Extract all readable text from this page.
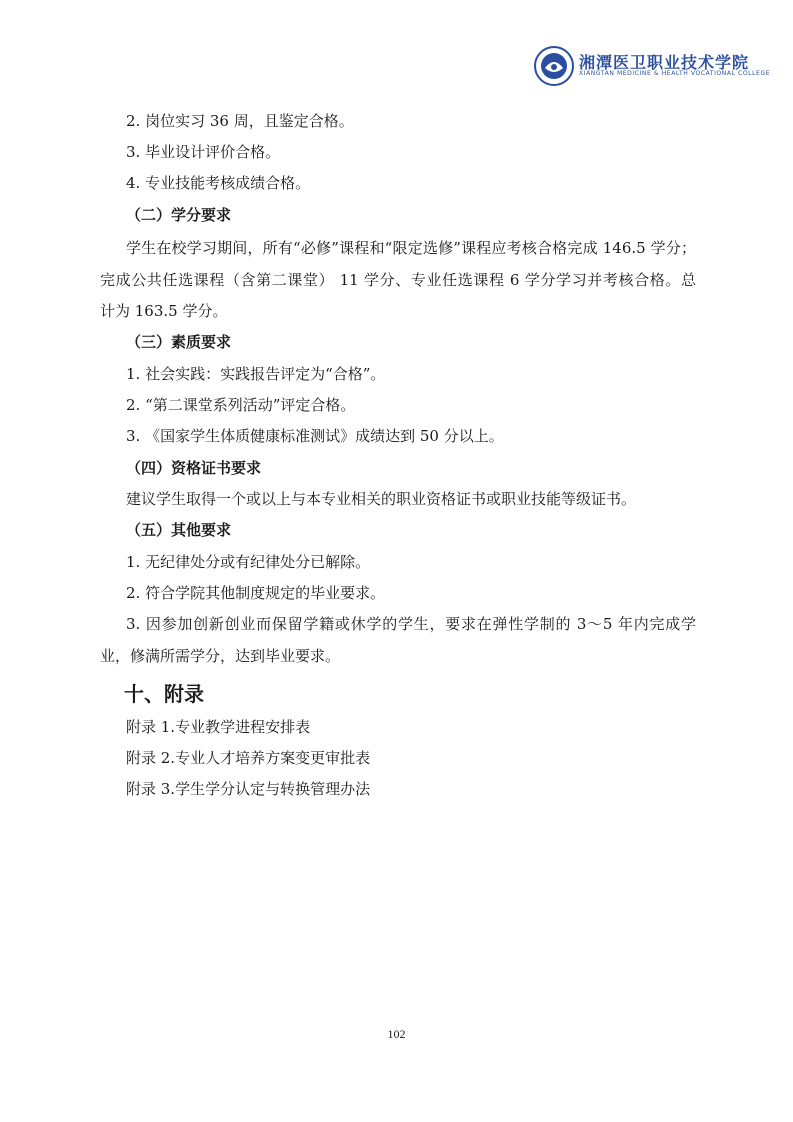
湘潭医卫职业技术学院
XIANGTAN MEDICINE & HEALTH VOCATIONAL COLLEGE
2. 岗位实习 36 周，且鉴定合格。
3. 毕业设计评价合格。
4. 专业技能考核成绩合格。
（二）学分要求
学生在校学习期间，所有“必修”课程和“限定选修”课程应考核合格完成 146.5 学分；
完成公共任选课程（含第二课堂） 11 学分、专业任选课程 6 学分学习并考核合格。总
计为 163.5 学分。
（三）素质要求
1. 社会实践：实践报告评定为“合格”。
2. “第二课堂系列活动”评定合格。
3. 《国家学生体质健康标准测试》成绩达到 50 分以上。
（四）资格证书要求
建议学生取得一个或以上与本专业相关的职业资格证书或职业技能等级证书。
（五）其他要求
1. 无纪律处分或有纪律处分已解除。
2. 符合学院其他制度规定的毕业要求。
3. 因参加创新创业而保留学籍或休学的学生，要求在弹性学制的 3～5 年内完成学
业，修满所需学分，达到毕业要求。
十、附录
附录 1.专业教学进程安排表
附录 2.专业人才培养方案变更审批表
附录 3.学生学分认定与转换管理办法
102
